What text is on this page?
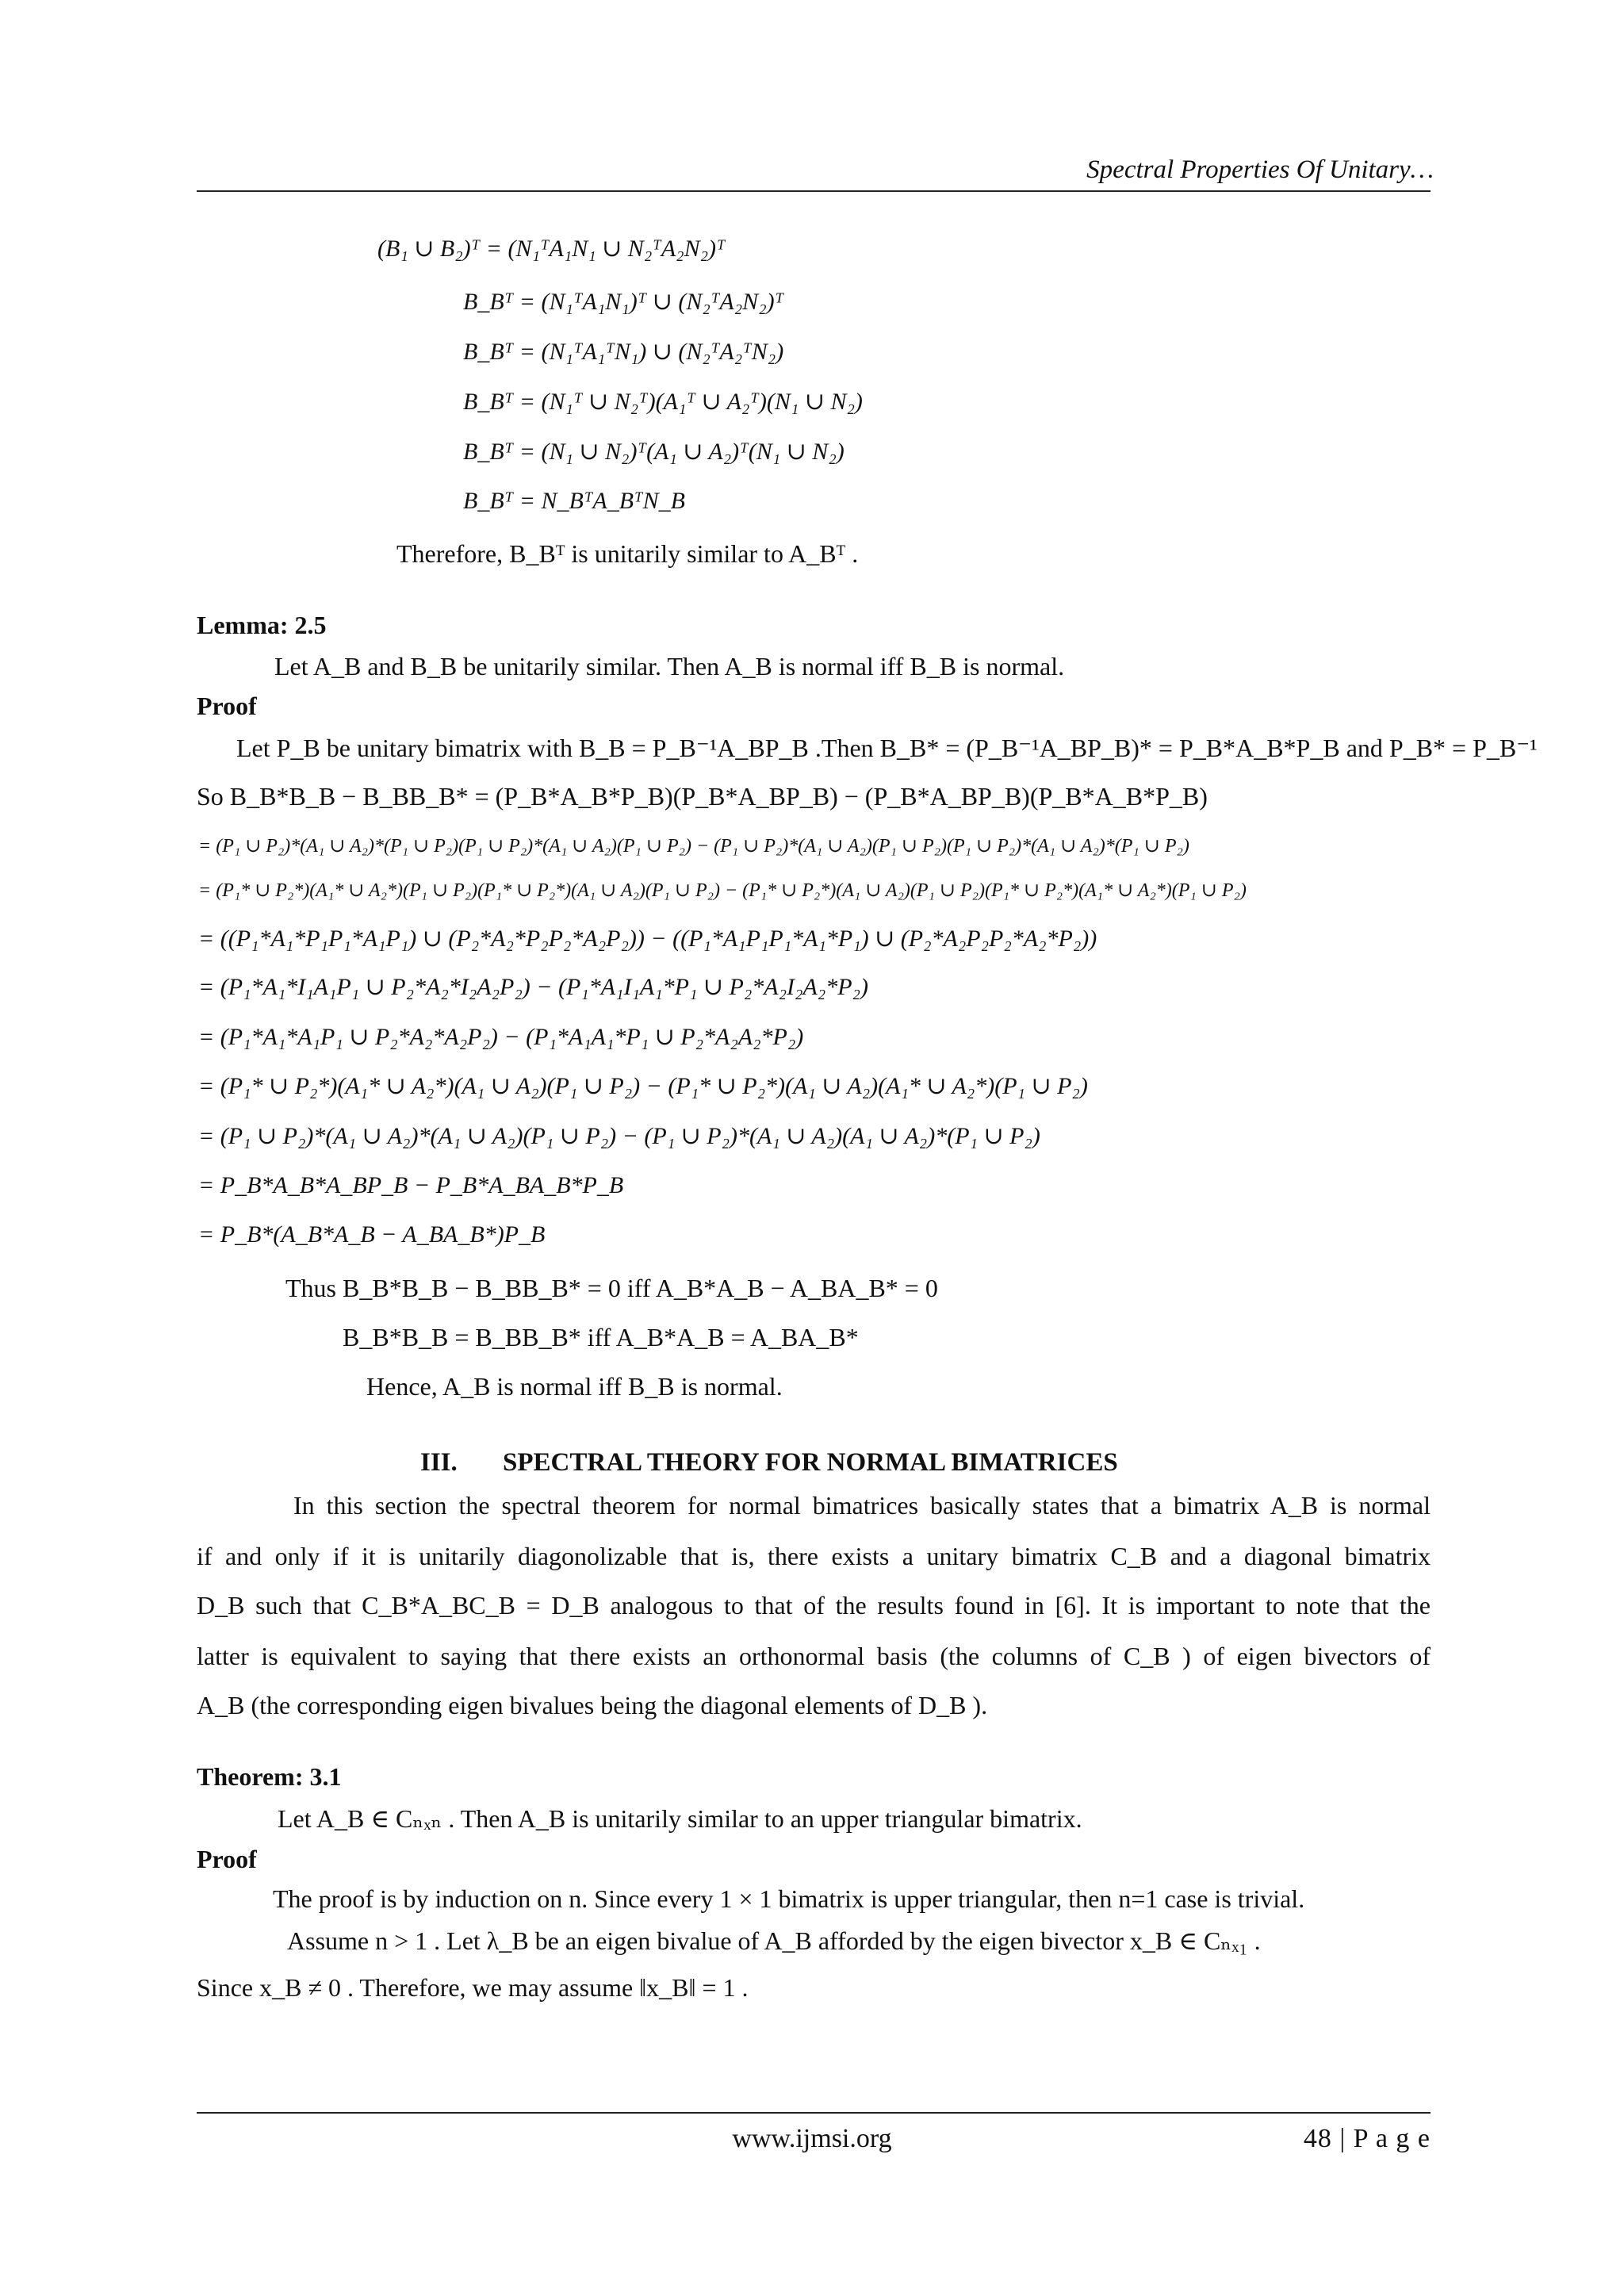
Spectral Properties Of Unitary…
(B₁ ∪ B₂)ᵀ = (N₁ᵀA₁N₁ ∪ N₂ᵀA₂N₂)ᵀ
B_Bᵀ = (N₁ᵀA₁N₁)ᵀ ∪ (N₂ᵀA₂N₂)ᵀ
B_Bᵀ = (N₁ᵀA₁ᵀN₁) ∪ (N₂ᵀA₂ᵀN₂)
B_Bᵀ = (N₁ᵀ ∪ N₂ᵀ)(A₁ᵀ ∪ A₂ᵀ)(N₁ ∪ N₂)
B_Bᵀ = (N₁ ∪ N₂)ᵀ(A₁ ∪ A₂)ᵀ(N₁ ∪ N₂)
B_Bᵀ = N_BᵀA_BᵀN_B
Therefore, B_Bᵀ is unitarily similar to A_Bᵀ .
Lemma: 2.5
Let A_B and B_B be unitarily similar. Then A_B is normal iff B_B is normal.
Proof
Let P_B be unitary bimatrix with B_B = P_B⁻¹A_BP_B .Then B_B* = (P_B⁻¹A_BP_B)* = P_B*A_B*P_B and P_B* = P_B⁻¹
So B_B*B_B − B_BB_B* = (P_B*A_B*P_B)(P_B*A_BP_B) − (P_B*A_BP_B)(P_B*A_B*P_B)
= (P₁ ∪ P₂)*(A₁ ∪ A₂)*(P₁ ∪ P₂)(P₁ ∪ P₂)*(A₁ ∪ A₂)(P₁ ∪ P₂) − (P₁ ∪ P₂)*(A₁ ∪ A₂)(P₁ ∪ P₂)(P₁ ∪ P₂)*(A₁ ∪ A₂)*(P₁ ∪ P₂)
= (P₁* ∪ P₂*)(A₁* ∪ A₂*)(P₁ ∪ P₂)(P₁* ∪ P₂*)(A₁ ∪ A₂)(P₁ ∪ P₂) − (P₁* ∪ P₂*)(A₁ ∪ A₂)(P₁ ∪ P₂)(P₁* ∪ P₂*)(A₁* ∪ A₂*)(P₁ ∪ P₂)
= ((P₁*A₁*P₁P₁*A₁P₁) ∪ (P₂*A₂*P₂P₂*A₂P₂)) − ((P₁*A₁P₁P₁*A₁*P₁) ∪ (P₂*A₂P₂P₂*A₂*P₂))
= (P₁*A₁*I₁A₁P₁ ∪ P₂*A₂*I₂A₂P₂) − (P₁*A₁I₁A₁*P₁ ∪ P₂*A₂I₂A₂*P₂)
= (P₁*A₁*A₁P₁ ∪ P₂*A₂*A₂P₂) − (P₁*A₁A₁*P₁ ∪ P₂*A₂A₂*P₂)
= (P₁* ∪ P₂*)(A₁* ∪ A₂*)(A₁ ∪ A₂)(P₁ ∪ P₂) − (P₁* ∪ P₂*)(A₁ ∪ A₂)(A₁* ∪ A₂*)(P₁ ∪ P₂)
= (P₁ ∪ P₂)*(A₁ ∪ A₂)*(A₁ ∪ A₂)(P₁ ∪ P₂) − (P₁ ∪ P₂)*(A₁ ∪ A₂)(A₁ ∪ A₂)*(P₁ ∪ P₂)
= P_B*A_B*A_BP_B − P_B*A_BA_B*P_B
= P_B*(A_B*A_B − A_BA_B*)P_B
Thus B_B*B_B − B_BB_B* = 0 iff A_B*A_B − A_BA_B* = 0
B_B*B_B = B_BB_B* iff A_B*A_B = A_BA_B*
Hence, A_B is normal iff B_B is normal.
III. SPECTRAL THEORY FOR NORMAL BIMATRICES
In this section the spectral theorem for normal bimatrices basically states that a bimatrix A_B is normal
if and only if it is unitarily diagonolizable that is, there exists a unitary bimatrix C_B and a diagonal bimatrix
D_B such that C_B*A_BC_B = D_B analogous to that of the results found in [6]. It is important to note that the
latter is equivalent to saying that there exists an orthonormal basis (the columns of C_B ) of eigen bivectors of
A_B (the corresponding eigen bivalues being the diagonal elements of D_B ).
Theorem: 3.1
Let A_B ∈ Cₙₓₙ . Then A_B is unitarily similar to an upper triangular bimatrix.
Proof
The proof is by induction on n. Since every 1 × 1 bimatrix is upper triangular, then n=1 case is trivial.
Assume n > 1 . Let λ_B be an eigen bivalue of A_B afforded by the eigen bivector x_B ∈ Cₙₓ₁ .
Since x_B ≠ 0 . Therefore, we may assume ‖x_B‖ = 1 .
www.ijmsi.org	48 | P a g e
